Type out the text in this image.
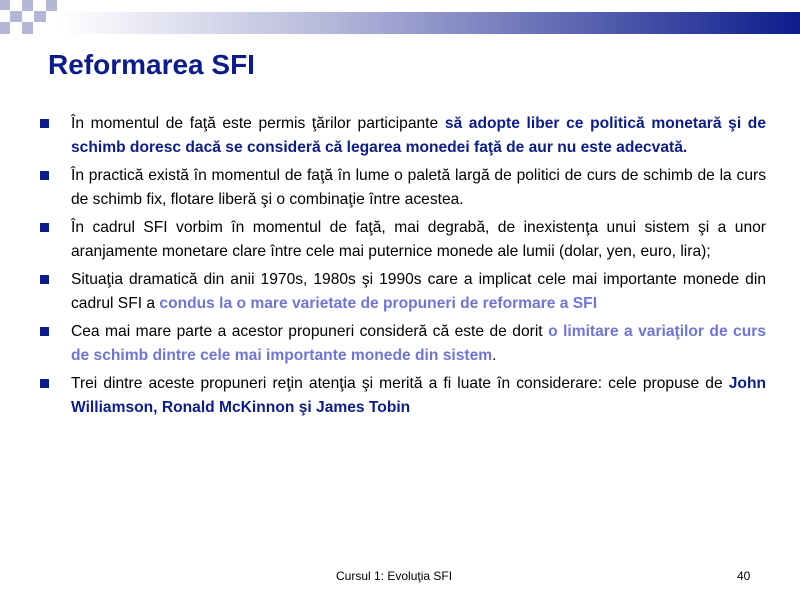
Reformarea SFI
În momentul de faţă este permis ţărilor participante să adopte liber ce politică monetară şi de schimb doresc dacă se consideră că legarea monedei faţă de aur nu este adecvată.
În practică există în momentul de faţă în lume o paletă largă de politici de curs de schimb de la curs de schimb fix, flotare liberă şi o combinaţie între acestea.
În cadrul SFI vorbim în momentul de faţă, mai degrabă, de inexistenţa unui sistem şi a unor aranjamente monetare clare între cele mai puternice monede ale lumii (dolar, yen, euro, lira);
Situaţia dramatică din anii 1970s, 1980s şi 1990s care a implicat cele mai importante monede din cadrul SFI a condus la o mare varietate de propuneri de reformare a SFI
Cea mai mare parte a acestor propuneri consideră că este de dorit o limitare a variaţilor de curs de schimb dintre cele mai importante monede din sistem.
Trei dintre aceste propuneri reţin atenţia şi merită a fi luate în considerare: cele propuse de John Williamson, Ronald McKinnon şi James Tobin
Cursul 1: Evoluţia SFI	40
